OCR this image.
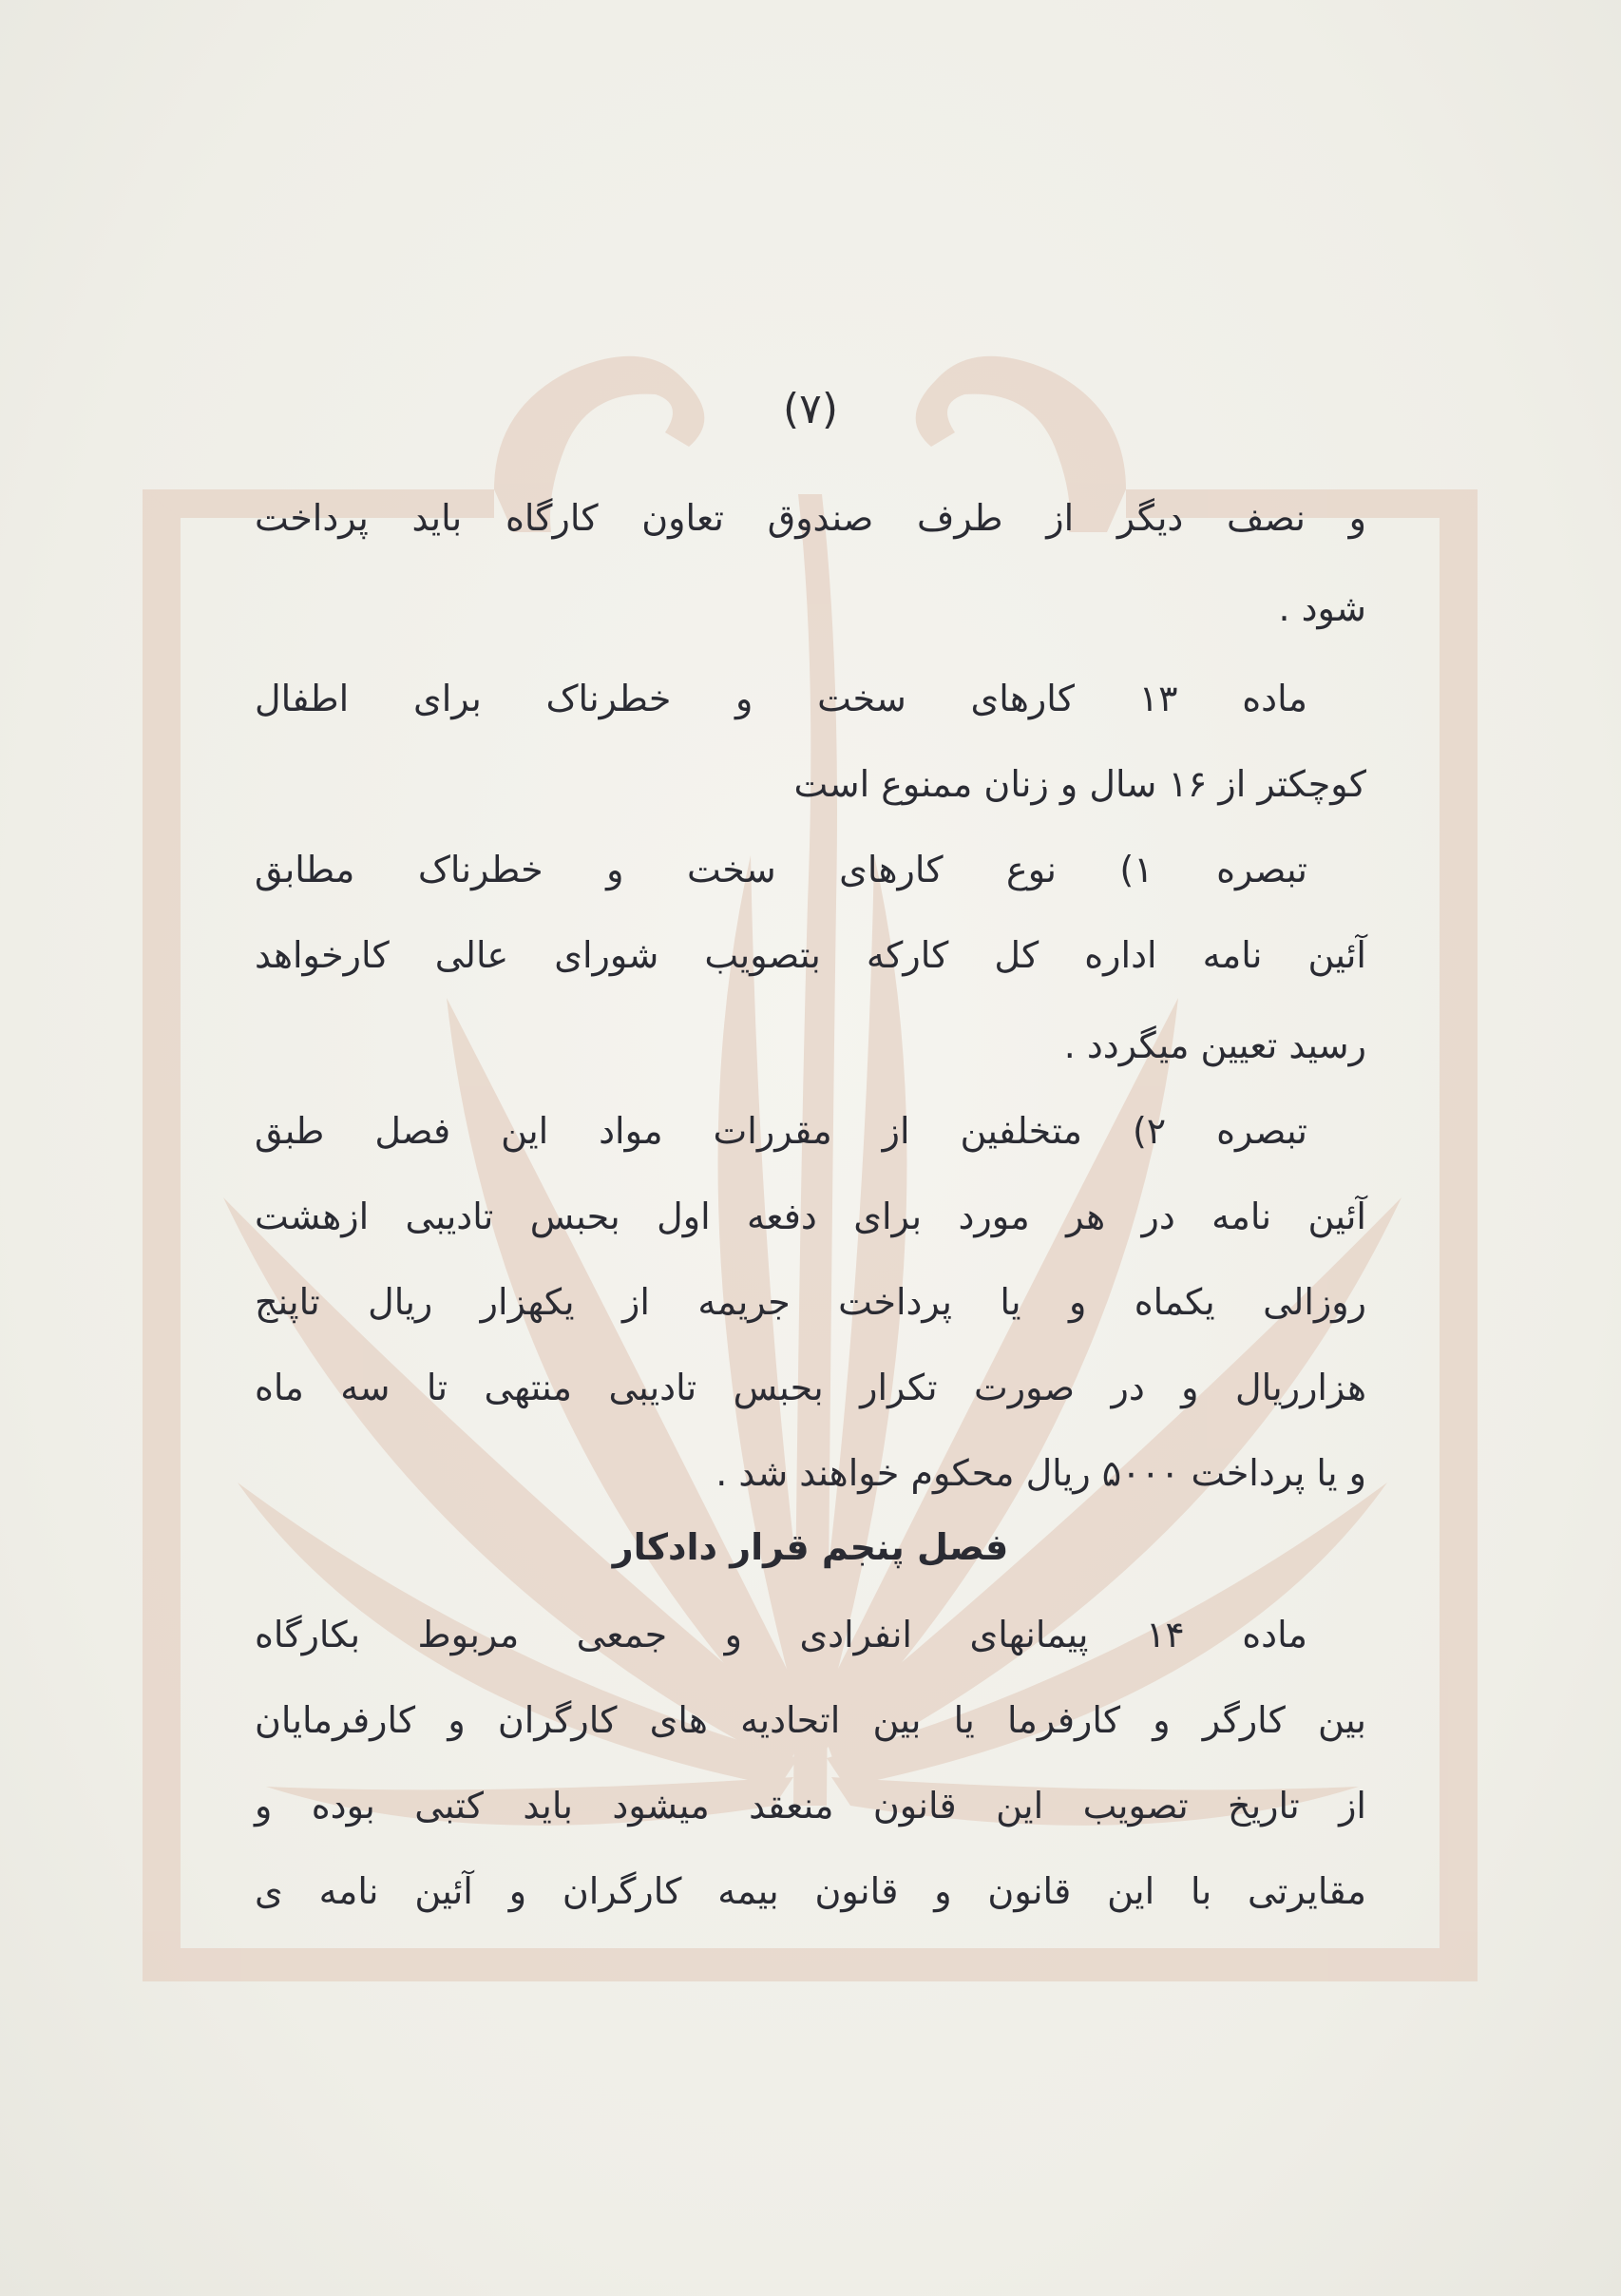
(۷)
و نصف دیگر از طرف صندوق تعاون کارگاه باید پرداخت
شود .
ماده ۱۳ کارهای سخت و خطرناک برای اطفال
کوچکتر از ۱۶ سال و زنان ممنوع است
تبصره ۱) نوع کارهای سخت و خطرناک مطابق
آئین نامه اداره کل کارکه بتصویب شورای عالی کارخواهد
رسید تعیین میگردد .
تبصره ۲) متخلفین از مقررات مواد این فصل طبق
آئین نامه در هر مورد برای دفعه اول بحبس تادیبی ازهشت
روزالی یکماه و یا پرداخت جریمه از یکهزار ریال تاپنج
هزارریال و در صورت تکرار بحبس تادیبی منتهی تا سه ماه
و یا پرداخت ۵۰۰۰ ریال محکوم خواهند شد .
فصل پنجم قرار دادکار
ماده ۱۴ پیمانهای انفرادی و جمعی مربوط بکارگاه
بین کارگر و کارفرما یا بین اتحادیه های کارگران و کارفرمایان
از تاریخ تصویب این قانون منعقد میشود باید کتبی بوده و
مقایرتی با این قانون و قانون بیمه کارگران و آئین نامه ی
